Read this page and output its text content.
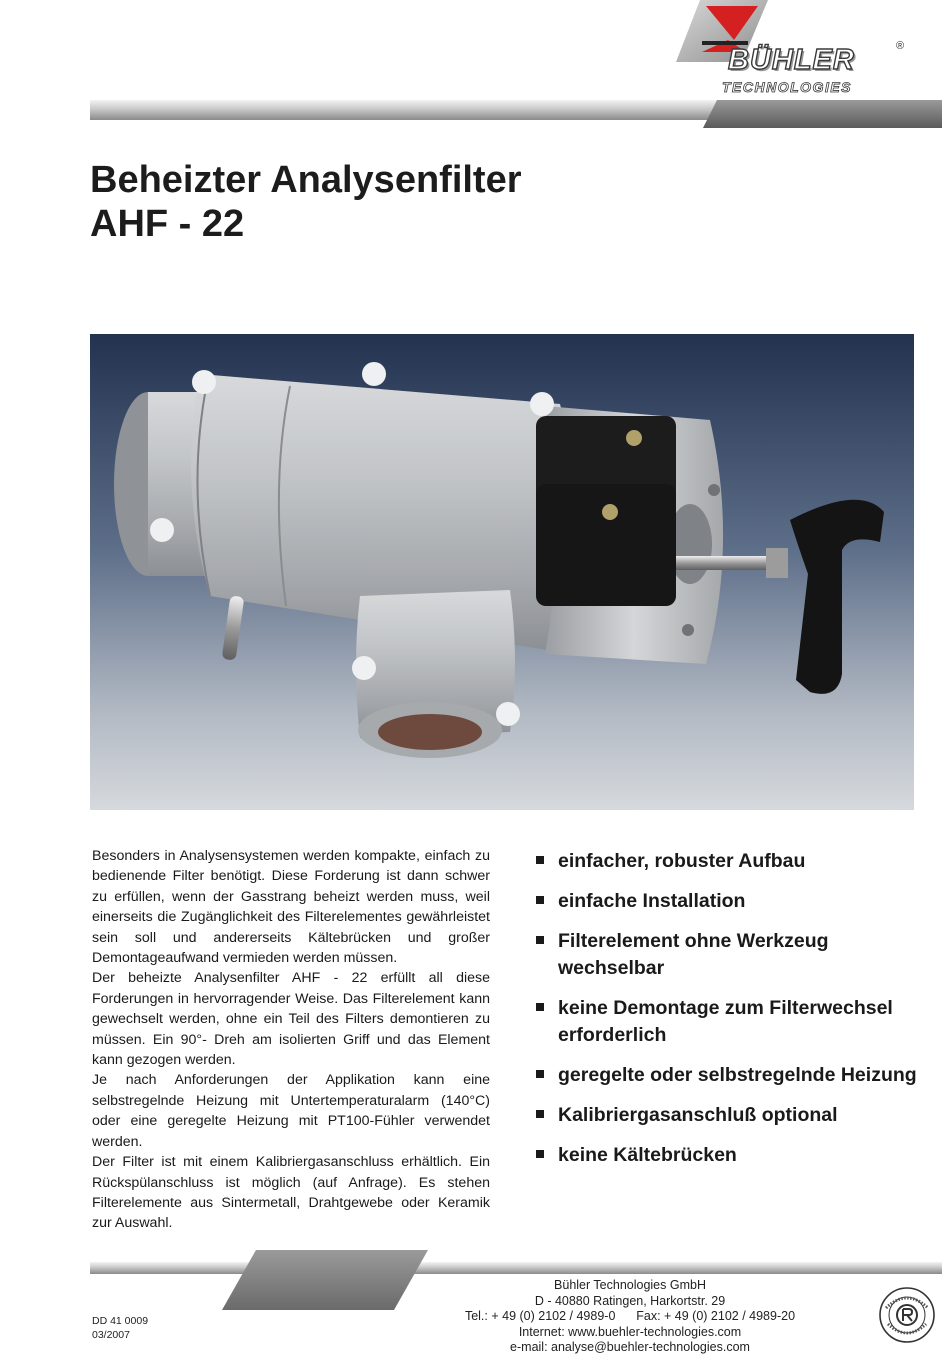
BÜHLER
TECHNOLOGIES
®
Beheizter Analysenfilter
AHF - 22

Besonders in Analysensystemen werden kompakte, einfach zu bedienende Filter benötigt. Diese Forderung ist dann schwer zu erfüllen, wenn der Gasstrang beheizt werden muss, weil einerseits die Zugänglichkeit des Filterelementes gewährleistet sein soll und andererseits Kältebrücken und großer Demontageaufwand vermieden werden müssen.

Der beheizte Analysenfilter AHF - 22 erfüllt all diese Forderungen in hervorragender Weise. Das Filterelement kann gewechselt werden, ohne ein Teil des Filters demontieren zu müssen. Ein 90°- Dreh am isolierten Griff und das Element kann gezogen werden.

Je nach Anforderungen der Applikation kann eine selbstregelnde Heizung mit Untertemperaturalarm (140°C) oder eine geregelte Heizung mit PT100-Fühler verwendet werden.

Der Filter ist mit einem Kalibriergasanschluss erhältlich. Ein Rückspülanschluss ist möglich (auf Anfrage). Es stehen Filterelemente aus Sintermetall, Drahtgewebe oder Keramik zur Auswahl.

einfacher, robuster Aufbau
einfache Installation
Filterelement ohne Werkzeug wechselbar
keine Demontage zum Filterwechsel erforderlich
geregelte oder selbstregelnde Heizung
Kalibriergasanschluß optional
keine Kältebrücken
DD 41 0009
03/2007
Bühler Technologies GmbH
D - 40880 Ratingen, Harkortstr. 29
Tel.: + 49 (0) 2102 / 4989-0      Fax: + 49 (0) 2102 / 4989-20
Internet: www.buehler-technologies.com
e-mail: analyse@buehler-technologies.com
